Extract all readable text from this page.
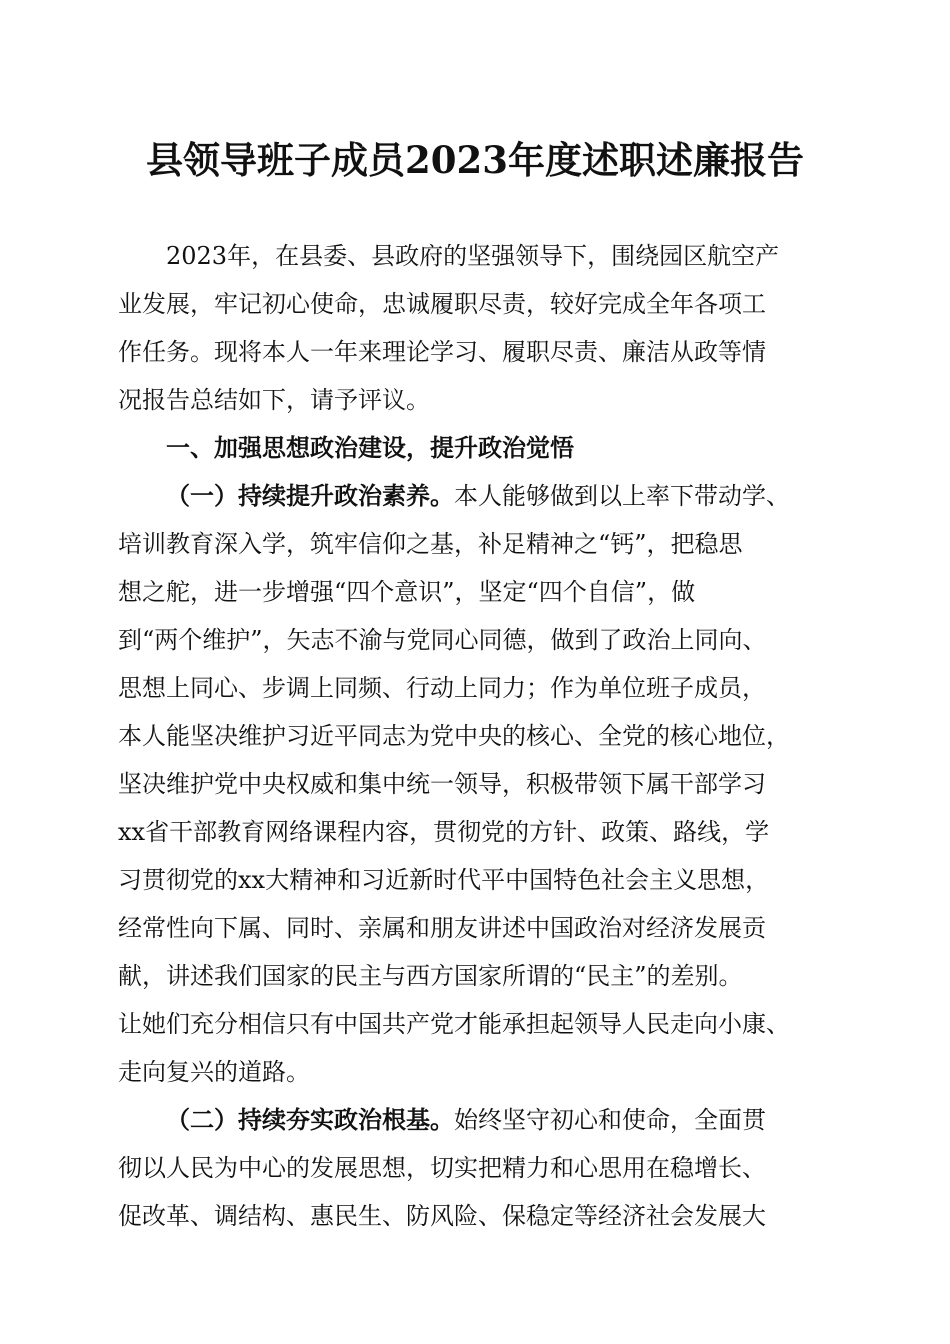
县领导班子成员2023年度述职述廉报告
2023年，在县委、县政府的坚强领导下，围绕园区航空产
业发展，牢记初心使命，忠诚履职尽责，较好完成全年各项工
作任务。现将本人一年来理论学习、履职尽责、廉洁从政等情
况报告总结如下，请予评议。
一、加强思想政治建设，提升政治觉悟
（一）持续提升政治素养。本人能够做到以上率下带动学、
培训教育深入学，筑牢信仰之基，补足精神之“钙”，把稳思
想之舵，进一步增强“四个意识”，坚定“四个自信”，做
到“两个维护”，矢志不渝与党同心同德，做到了政治上同向、
思想上同心、步调上同频、行动上同力；作为单位班子成员，
本人能坚决维护习近平同志为党中央的核心、全党的核心地位，
坚决维护党中央权威和集中统一领导，积极带领下属干部学习
xx省干部教育网络课程内容，贯彻党的方针、政策、路线，学
习贯彻党的xx大精神和习近新时代平中国特色社会主义思想，
经常性向下属、同时、亲属和朋友讲述中国政治对经济发展贡
献，讲述我们国家的民主与西方国家所谓的“民主”的差别。
让她们充分相信只有中国共产党才能承担起领导人民走向小康、
走向复兴的道路。
（二）持续夯实政治根基。始终坚守初心和使命，全面贯
彻以人民为中心的发展思想，切实把精力和心思用在稳增长、
促改革、调结构、惠民生、防风险、保稳定等经济社会发展大
